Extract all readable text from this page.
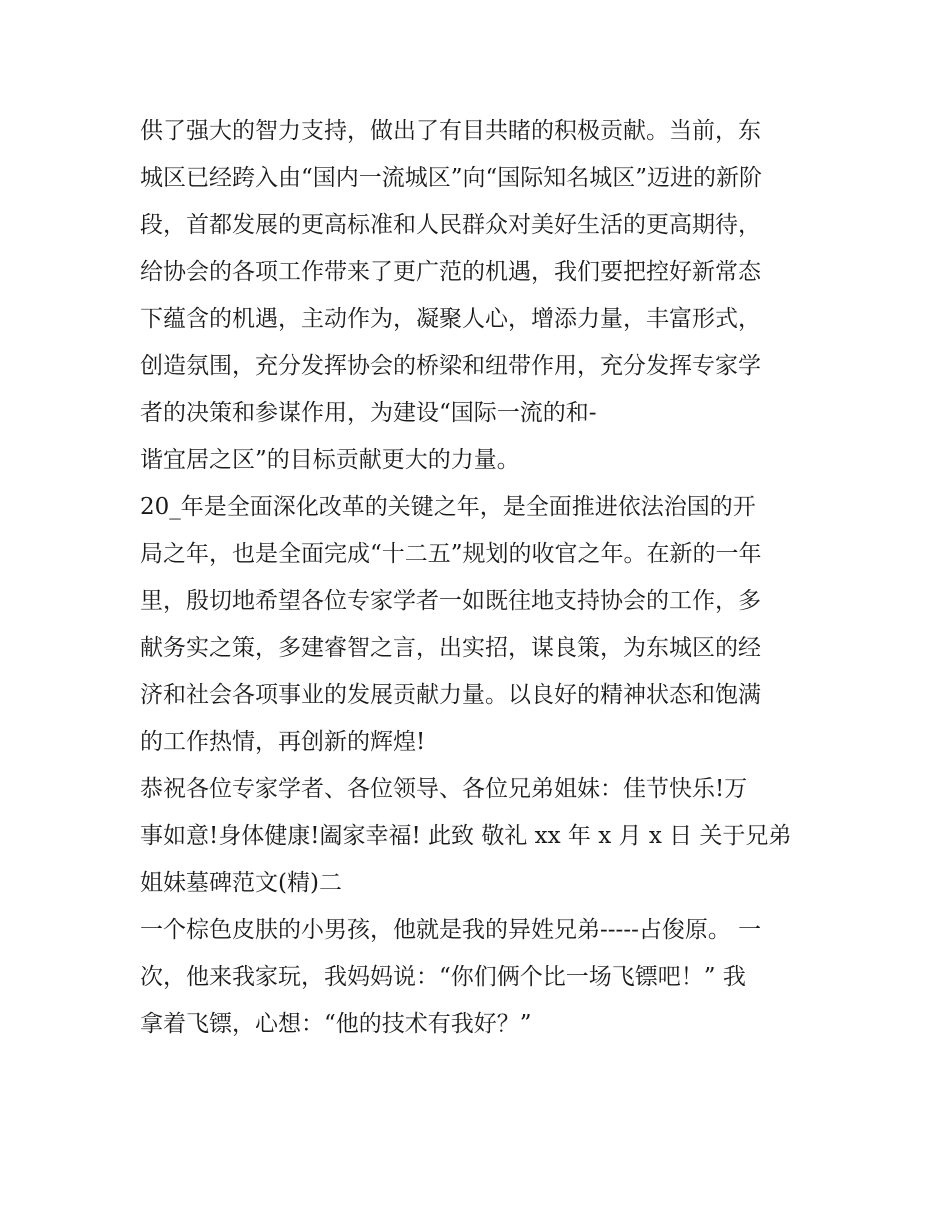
供了强大的智力支持，做出了有目共睹的积极贡献。当前，东
城区已经跨入由“国内一流城区”向“国际知名城区”迈进的新阶
段，首都发展的更高标准和人民群众对美好生活的更高期待，
给协会的各项工作带来了更广范的机遇，我们要把控好新常态
下蕴含的机遇，主动作为，凝聚人心，增添力量，丰富形式，
创造氛围，充分发挥协会的桥梁和纽带作用，充分发挥专家学
者的决策和参谋作用，为建设“国际一流的和-
谐宜居之区”的目标贡献更大的力量。
20_年是全面深化改革的关键之年，是全面推进依法治国的开
局之年，也是全面完成“十二五”规划的收官之年。在新的一年
里，殷切地希望各位专家学者一如既往地支持协会的工作，多
献务实之策，多建睿智之言，出实招，谋良策，为东城区的经
济和社会各项事业的发展贡献力量。以良好的精神状态和饱满
的工作热情，再创新的辉煌!
恭祝各位专家学者、各位领导、各位兄弟姐妹：佳节快乐!万
事如意!身体健康!阖家幸福! 此致 敬礼 xx 年 x 月 x 日 关于兄弟
姐妹墓碑范文(精)二
一个棕色皮肤的小男孩，他就是我的异姓兄弟-----占俊原。 一
次，他来我家玩，我妈妈说：“你们俩个比一场飞镖吧！” 我
拿着飞镖，心想：“他的技术有我好？”
